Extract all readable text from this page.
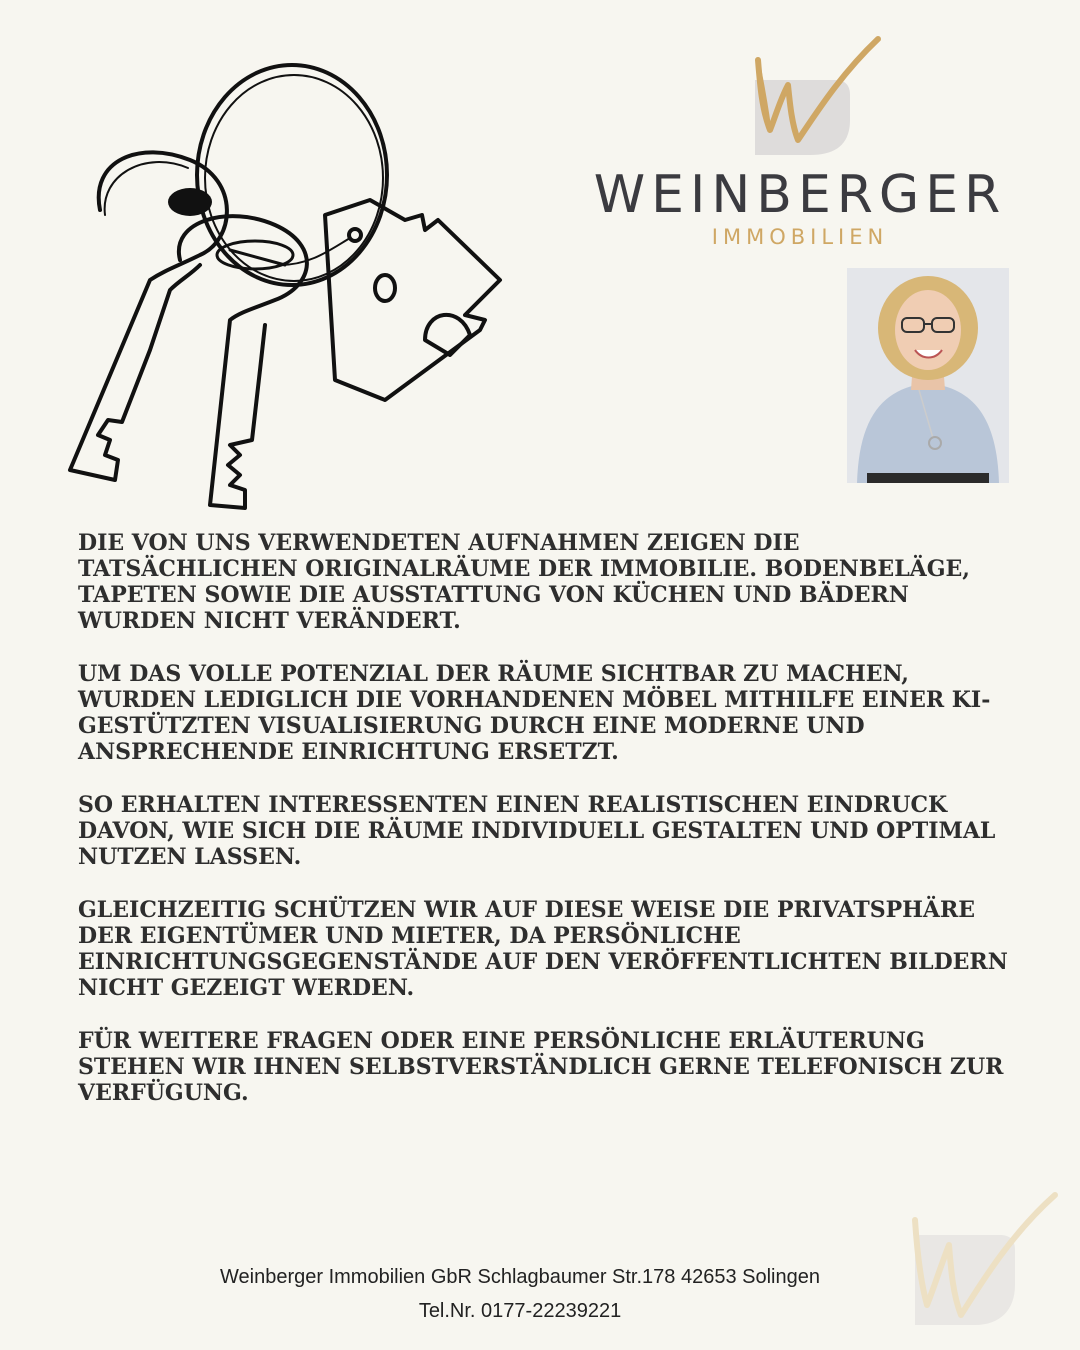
WEINBERGER
IMMOBILIEN

DIE VON UNS VERWENDETEN AUFNAHMEN ZEIGEN DIE TATSÄCHLICHEN ORIGINALRÄUME DER IMMOBILIE. BODENBELÄGE, TAPETEN SOWIE DIE AUSSTATTUNG VON KÜCHEN UND BÄDERN WURDEN NICHT VERÄNDERT.

UM DAS VOLLE POTENZIAL DER RÄUME SICHTBAR ZU MACHEN, WURDEN LEDIGLICH DIE VORHANDENEN MÖBEL MITHILFE EINER KI-GESTÜTZTEN VISUALISIERUNG DURCH EINE MODERNE UND ANSPRECHENDE EINRICHTUNG ERSETZT.

SO ERHALTEN INTERESSENTEN EINEN REALISTISCHEN EINDRUCK DAVON, WIE SICH DIE RÄUME INDIVIDUELL GESTALTEN UND OPTIMAL NUTZEN LASSEN.

GLEICHZEITIG SCHÜTZEN WIR AUF DIESE WEISE DIE PRIVATSPHÄRE DER EIGENTÜMER UND MIETER, DA PERSÖNLICHE EINRICHTUNGSGEGENSTÄNDE AUF DEN VERÖFFENTLICHTEN BILDERN NICHT GEZEIGT WERDEN.

FÜR WEITERE FRAGEN ODER EINE PERSÖNLICHE ERLÄUTERUNG STEHEN WIR IHNEN SELBSTVERSTÄNDLICH GERNE TELEFONISCH ZUR VERFÜGUNG.

Weinberger Immobilien GbR Schlagbaumer Str.178 42653 Solingen
Tel.Nr. 0177-22239221
